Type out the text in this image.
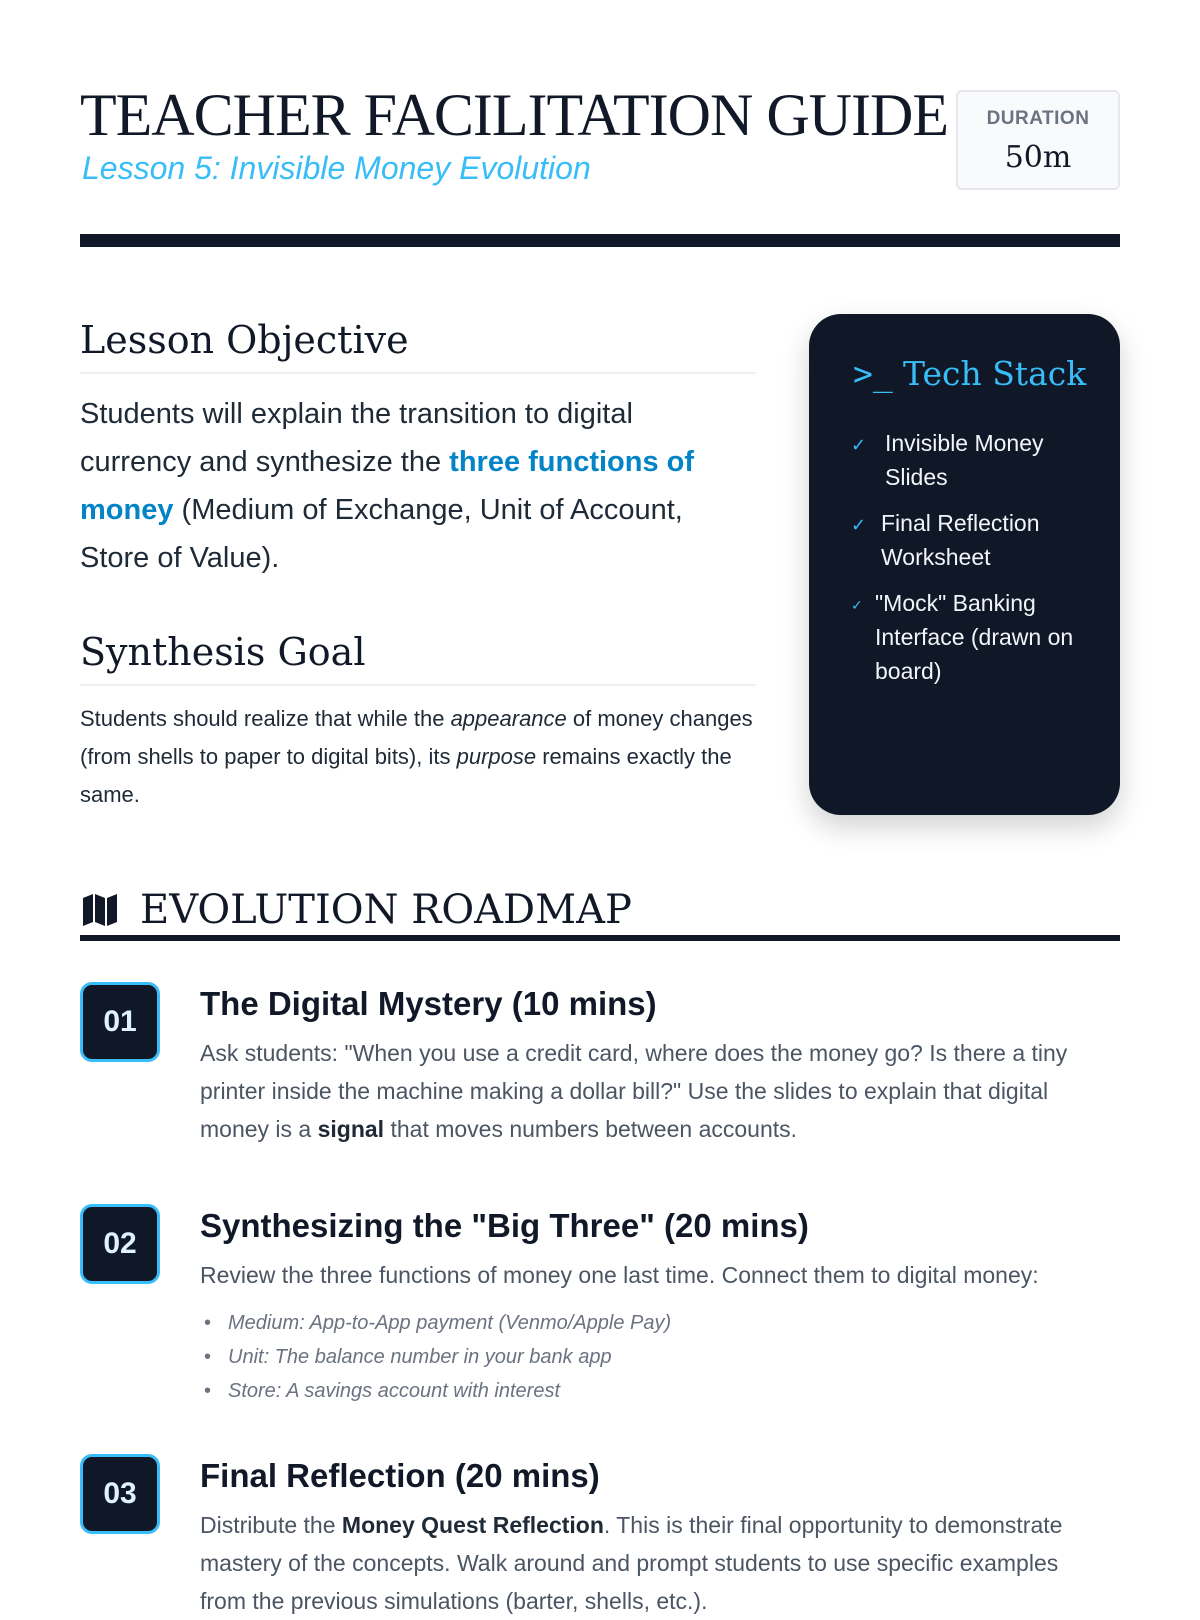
TEACHER FACILITATION GUIDE
Lesson 5: Invisible Money Evolution
DURATION
50m
Lesson Objective
Students will explain the transition to digital currency and synthesize the three functions of money (Medium of Exchange, Unit of Account, Store of Value).
Synthesis Goal
Students should realize that while the appearance of money changes (from shells to paper to digital bits), its purpose remains exactly the same.
>_ Tech Stack
✓ Invisible Money Slides
✓ Final Reflection Worksheet
✓ "Mock" Banking Interface (drawn on board)
EVOLUTION ROADMAP
01	The Digital Mystery (10 mins)
Ask students: "When you use a credit card, where does the money go? Is there a tiny printer inside the machine making a dollar bill?" Use the slides to explain that digital money is a signal that moves numbers between accounts.
02	Synthesizing the "Big Three" (20 mins)
Review the three functions of money one last time. Connect them to digital money:
• Medium: App-to-App payment (Venmo/Apple Pay)
• Unit: The balance number in your bank app
• Store: A savings account with interest
03	Final Reflection (20 mins)
Distribute the Money Quest Reflection. This is their final opportunity to demonstrate mastery of the concepts. Walk around and prompt students to use specific examples from the previous simulations (barter, shells, etc.).
